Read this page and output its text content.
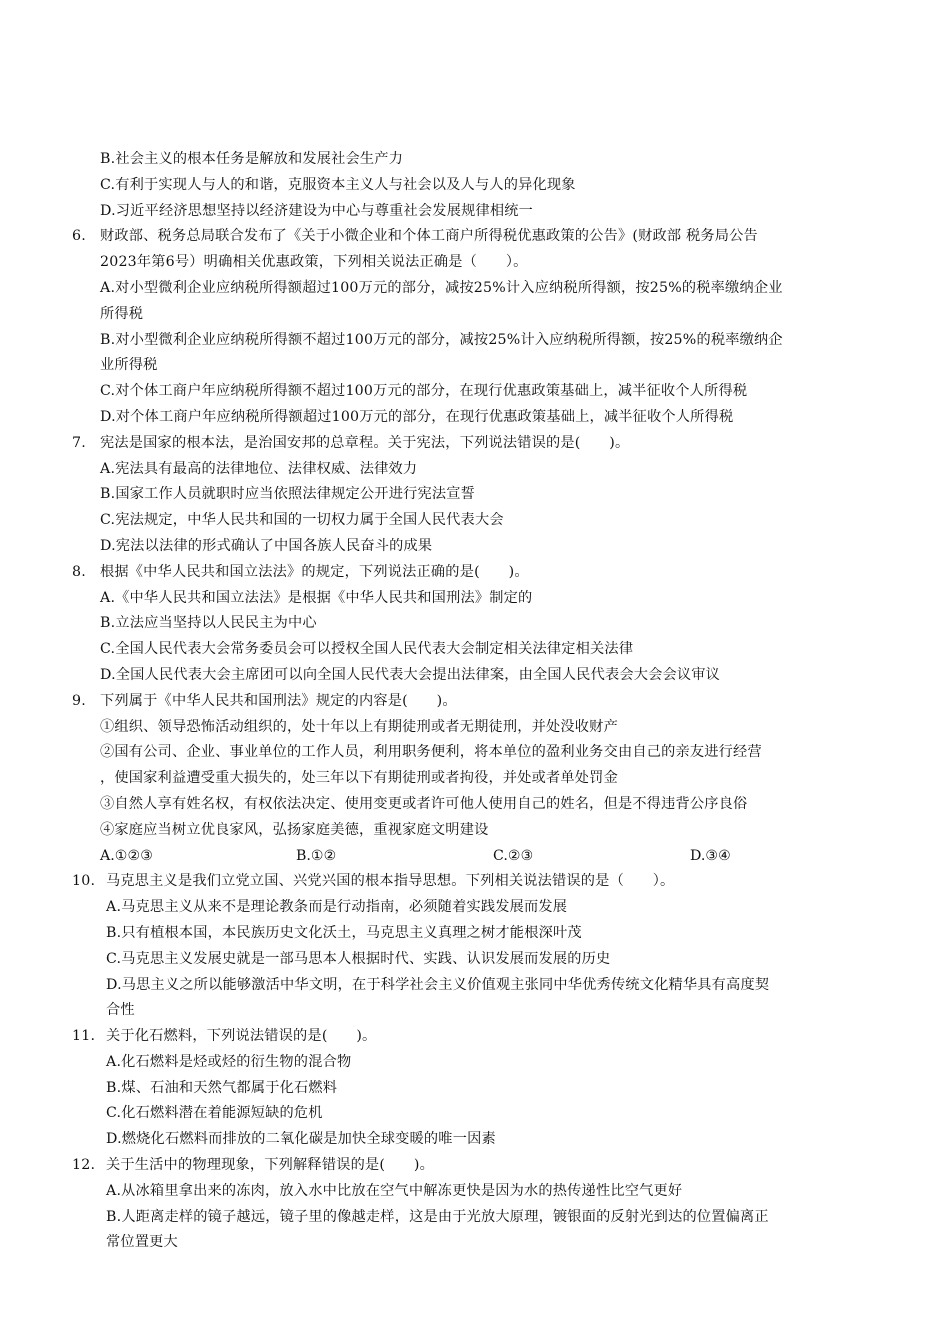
B.社会主义的根本任务是解放和发展社会生产力
C.有利于实现人与人的和谐，克服资本主义人与社会以及人与人的异化现象
D.习近平经济思想坚持以经济建设为中心与尊重社会发展规律相统一
6. 财政部、税务总局联合发布了《关于小微企业和个体工商户所得税优惠政策的公告》(财政部 税务局公告
2023年第6号）明确相关优惠政策，下列相关说法正确是（　　）。
A.对小型微利企业应纳税所得额超过100万元的部分，减按25%计入应纳税所得额，按25%的税率缴纳企业
所得税
B.对小型微利企业应纳税所得额不超过100万元的部分，减按25%计入应纳税所得额，按25%的税率缴纳企
业所得税
C.对个体工商户年应纳税所得额不超过100万元的部分，在现行优惠政策基础上，减半征收个人所得税
D.对个体工商户年应纳税所得额超过100万元的部分，在现行优惠政策基础上，减半征收个人所得税
7. 宪法是国家的根本法，是治国安邦的总章程。关于宪法，下列说法错误的是(　　)。
A.宪法具有最高的法律地位、法律权威、法律效力
B.国家工作人员就职时应当依照法律规定公开进行宪法宣誓
C.宪法规定，中华人民共和国的一切权力属于全国人民代表大会
D.宪法以法律的形式确认了中国各族人民奋斗的成果
8. 根据《中华人民共和国立法法》的规定，下列说法正确的是(　　)。
A.《中华人民共和国立法法》是根据《中华人民共和国刑法》制定的
B.立法应当坚持以人民民主为中心
C.全国人民代表大会常务委员会可以授权全国人民代表大会制定相关法律定相关法律
D.全国人民代表大会主席团可以向全国人民代表大会提出法律案，由全国人民代表会大会会议审议
9. 下列属于《中华人民共和国刑法》规定的内容是(　　)。
①组织、领导恐怖活动组织的，处十年以上有期徒刑或者无期徒刑，并处没收财产
②国有公司、企业、事业单位的工作人员，利用职务便利，将本单位的盈利业务交由自己的亲友进行经营
，使国家利益遭受重大损失的，处三年以下有期徒刑或者拘役，并处或者单处罚金
③自然人享有姓名权，有权依法决定、使用变更或者许可他人使用自己的姓名，但是不得违背公序良俗
④家庭应当树立优良家风，弘扬家庭美德，重视家庭文明建设
A.①②③	B.①②	C.②③	D.③④
10. 马克思主义是我们立党立国、兴党兴国的根本指导思想。下列相关说法错误的是（　　）。
A.马克思主义从来不是理论教条而是行动指南，必须随着实践发展而发展
B.只有植根本国，本民族历史文化沃土，马克思主义真理之树才能根深叶茂
C.马克思主义发展史就是一部马思本人根据时代、实践、认识发展而发展的历史
D.马思主义之所以能够激活中华文明，在于科学社会主义价值观主张同中华优秀传统文化精华具有高度契
合性
11. 关于化石燃料，下列说法错误的是(　　)。
A.化石燃料是烃或烃的衍生物的混合物
B.煤、石油和天然气都属于化石燃料
C.化石燃料潜在着能源短缺的危机
D.燃烧化石燃料而排放的二氧化碳是加快全球变暖的唯一因素
12. 关于生活中的物理现象，下列解释错误的是(　　)。
A.从冰箱里拿出来的冻肉，放入水中比放在空气中解冻更快是因为水的热传递性比空气更好
B.人距离走样的镜子越远，镜子里的像越走样，这是由于光放大原理，镀银面的反射光到达的位置偏离正
常位置更大
